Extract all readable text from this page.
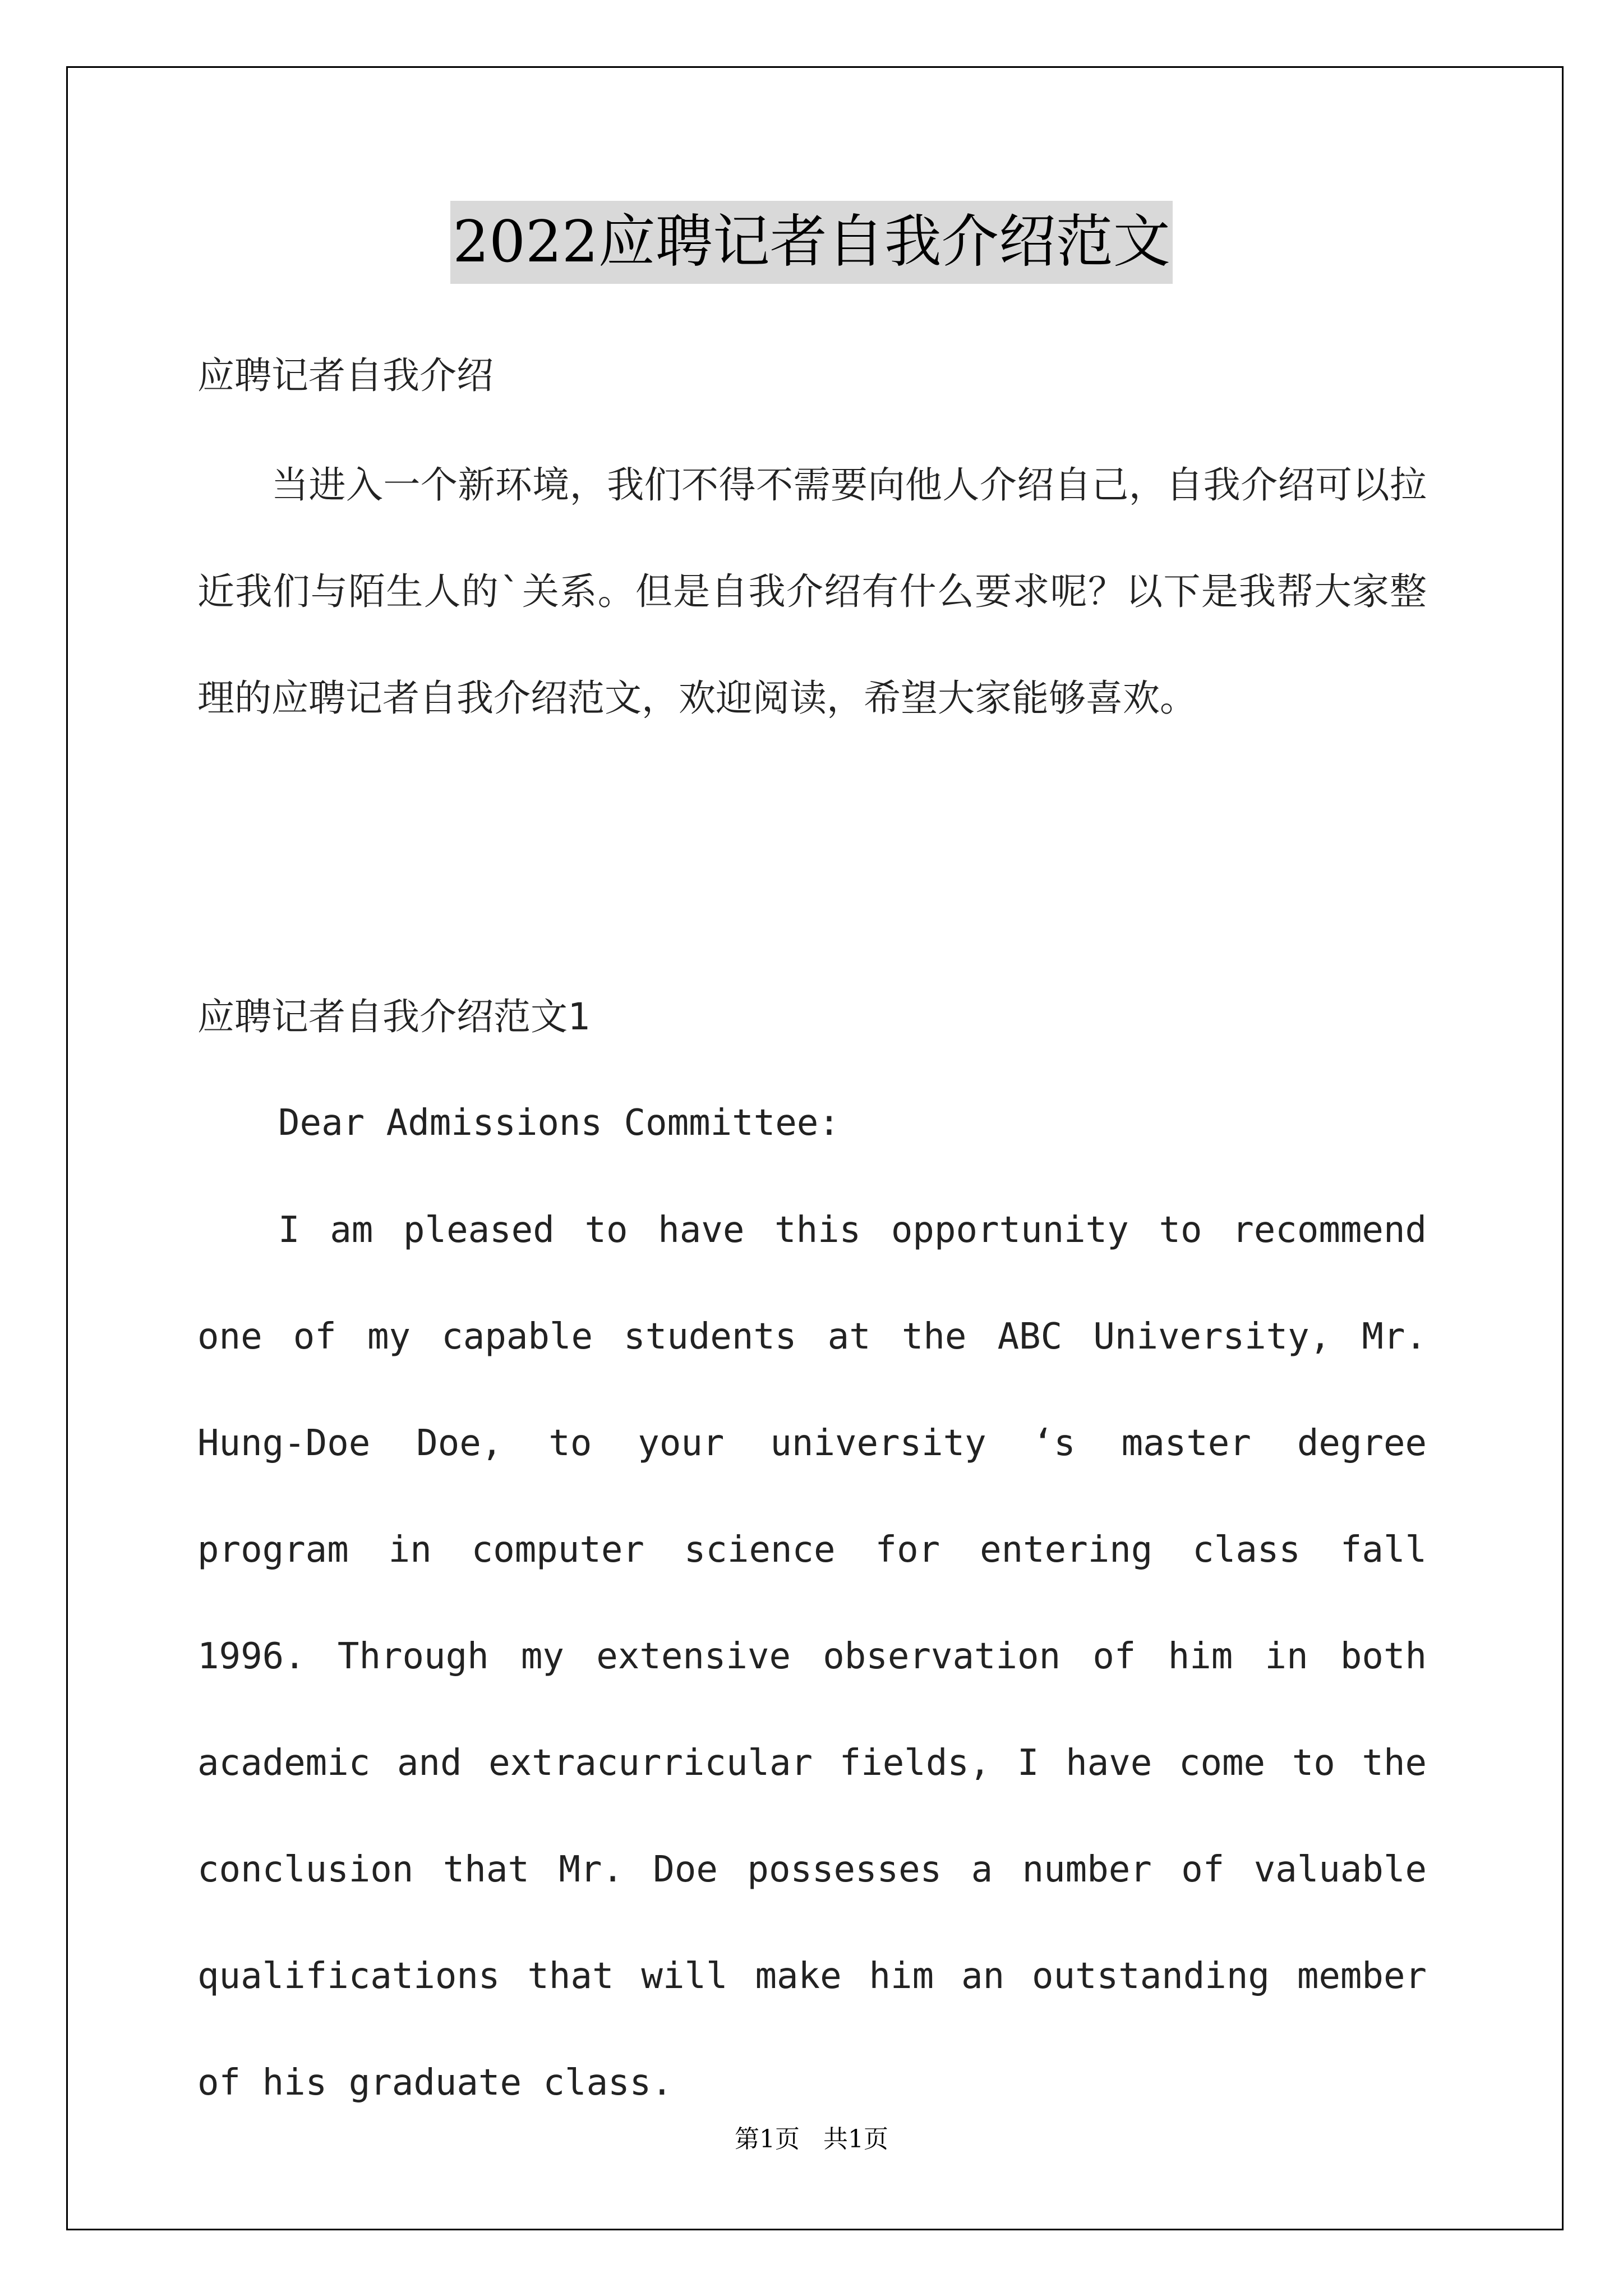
2022应聘记者自我介绍范文

应聘记者自我介绍

当进入一个新环境，我们不得不需要向他人介绍自己，自我介绍可以拉近我们与陌生人的`关系。但是自我介绍有什么要求呢？以下是我帮大家整理的应聘记者自我介绍范文，欢迎阅读，希望大家能够喜欢。

应聘记者自我介绍范文1

Dear Admissions Committee:

I am pleased to have this opportunity to recommend one of my capable students at the ABC University, Mr. Hung-Doe Doe, to your university ‘s master degree program in computer science for entering class fall 1996. Through my extensive observation of him in both academic and extracurricular fields, I have come to the conclusion that Mr. Doe possesses a number of valuable qualifications that will make him an outstanding member of his graduate class.

第1页   共1页
